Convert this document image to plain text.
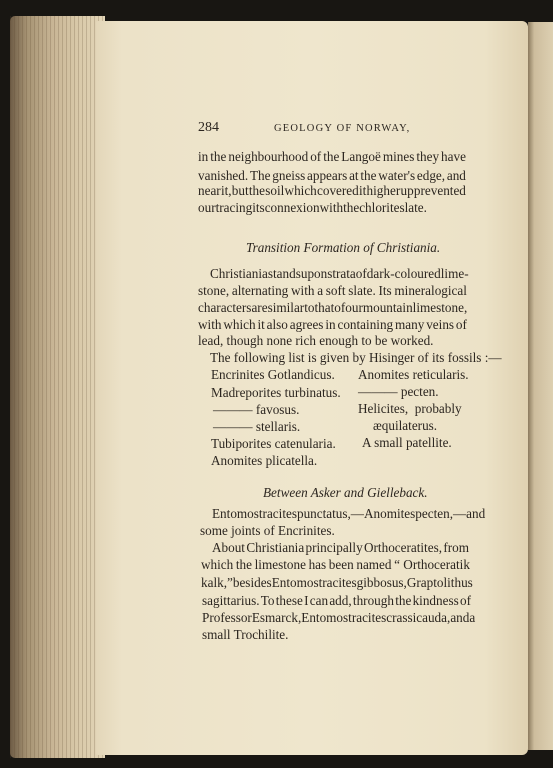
284	GEOLOGY OF NORWAY,
in the neighbourhood of the Langoë mines they have
vanished. The gneiss appears at the water's edge, and
near it, but the soil which covered it higher up prevented
our tracing its connexion with the chlorite slate.
Transition Formation of Christiania.
Christiania stands upon strata of dark-coloured lime-
stone, alternating with a soft slate. Its mineralogical
characters are similar to that of our mountain limestone,
with which it also agrees in containing many veins of
lead, though none rich enough to be worked.
The following list is given by Hisinger of its fossils :—
Encrinites Gotlandicus.
Madreporites turbinatus.
——— favosus.
——— stellaris.
Tubiporites catenularia.
Anomites plicatella.
Anomites reticularis.
——— pecten.
Helicites,  probably
æquilaterus.
A small patellite.
Between Asker and Gielleback.
Entomostracites punctatus,—Anomites pecten,—and
some joints of Encrinites.
About Christiania principally Orthoceratites, from
which the limestone has been named “ Orthoceratik
kalk,” besides Entomostracites gibbosus, Graptolithus
sagittarius. To these I can add, through the kindness of
Professor Esmarck, Entomostracites crassicauda, and a
small Trochilite.
